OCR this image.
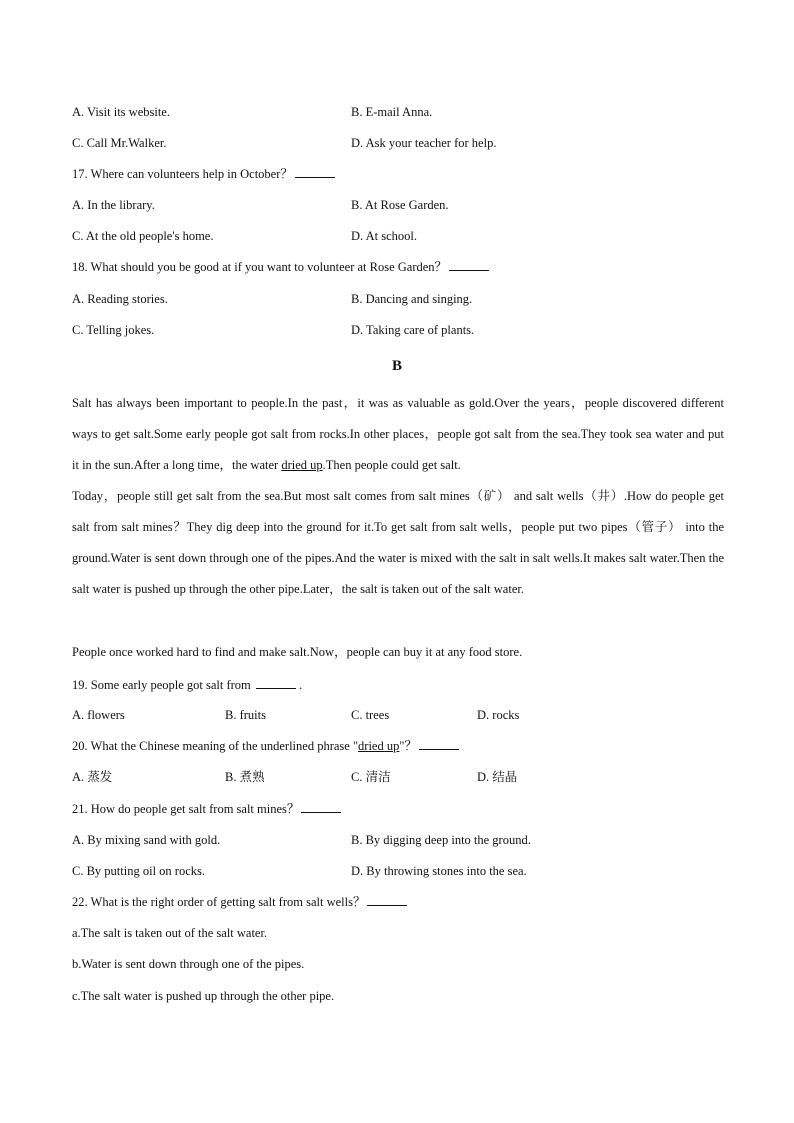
A. Visit its website.	B. E-mail Anna.
C. Call Mr.Walker.	D. Ask your teacher for help.
17. Where can volunteers help in October？
A. In the library.	B. At Rose Garden.
C. At the old people's home.	D. At school.
18. What should you be good at if you want to volunteer at Rose Garden？
A. Reading stories.	B. Dancing and singing.
C. Telling jokes.	D. Taking care of plants.
B
Salt has always been important to people.In the past，it was as valuable as gold.Over the years，people discovered different ways to get salt.Some early people got salt from rocks.In other places，people got salt from the sea.They took sea water and put it in the sun.After a long time，the water dried up.Then people could get salt.
Today，people still get salt from the sea.But most salt comes from salt mines（矿） and salt wells（井）.How do people get salt from salt mines？They dig deep into the ground for it.To get salt from salt wells，people put two pipes（管子） into the ground.Water is sent down through one of the pipes.And the water is mixed with the salt in salt wells.It makes salt water.Then the salt water is pushed up through the other pipe.Later，the salt is taken out of the salt water.
People once worked hard to find and make salt.Now，people can buy it at any food store.
19. Some early people got salt from	.
A. flowers	B. fruits	C. trees	D. rocks
20. What the Chinese meaning of the underlined phrase "dried up"？
A. 蒸发	B. 煮熟	C. 清洁	D. 结晶
21. How do people get salt from salt mines？
A. By mixing sand with gold.	B. By digging deep into the ground.
C. By putting oil on rocks.	D. By throwing stones into the sea.
22. What is the right order of getting salt from salt wells？
a.The salt is taken out of the salt water.
b.Water is sent down through one of the pipes.
c.The salt water is pushed up through the other pipe.
